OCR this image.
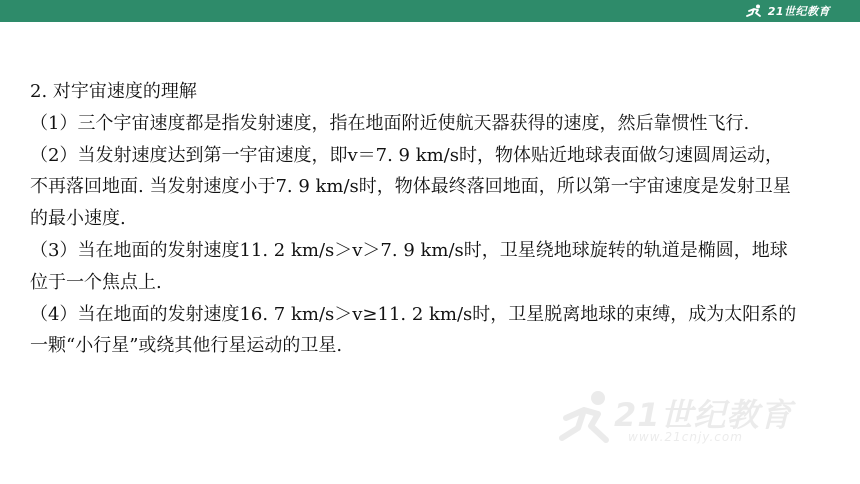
21世纪教育

2. 对宇宙速度的理解

（1）三个宇宙速度都是指发射速度，指在地面附近使航天器获得的速度，然后靠惯性飞行.

（2）当发射速度达到第一宇宙速度，即v＝7. 9 km/s时，物体贴近地球表面做匀速圆周运动，不再落回地面. 当发射速度小于7. 9 km/s时，物体最终落回地面，所以第一宇宙速度是发射卫星的最小速度.

（3）当在地面的发射速度11. 2 km/s＞v＞7. 9 km/s时，卫星绕地球旋转的轨道是椭圆，地球位于一个焦点上.

（4）当在地面的发射速度16. 7 km/s＞v≥11. 2 km/s时，卫星脱离地球的束缚，成为太阳系的一颗“小行星”或绕其他行星运动的卫星.

21世纪教育
www.21cnjy.com
